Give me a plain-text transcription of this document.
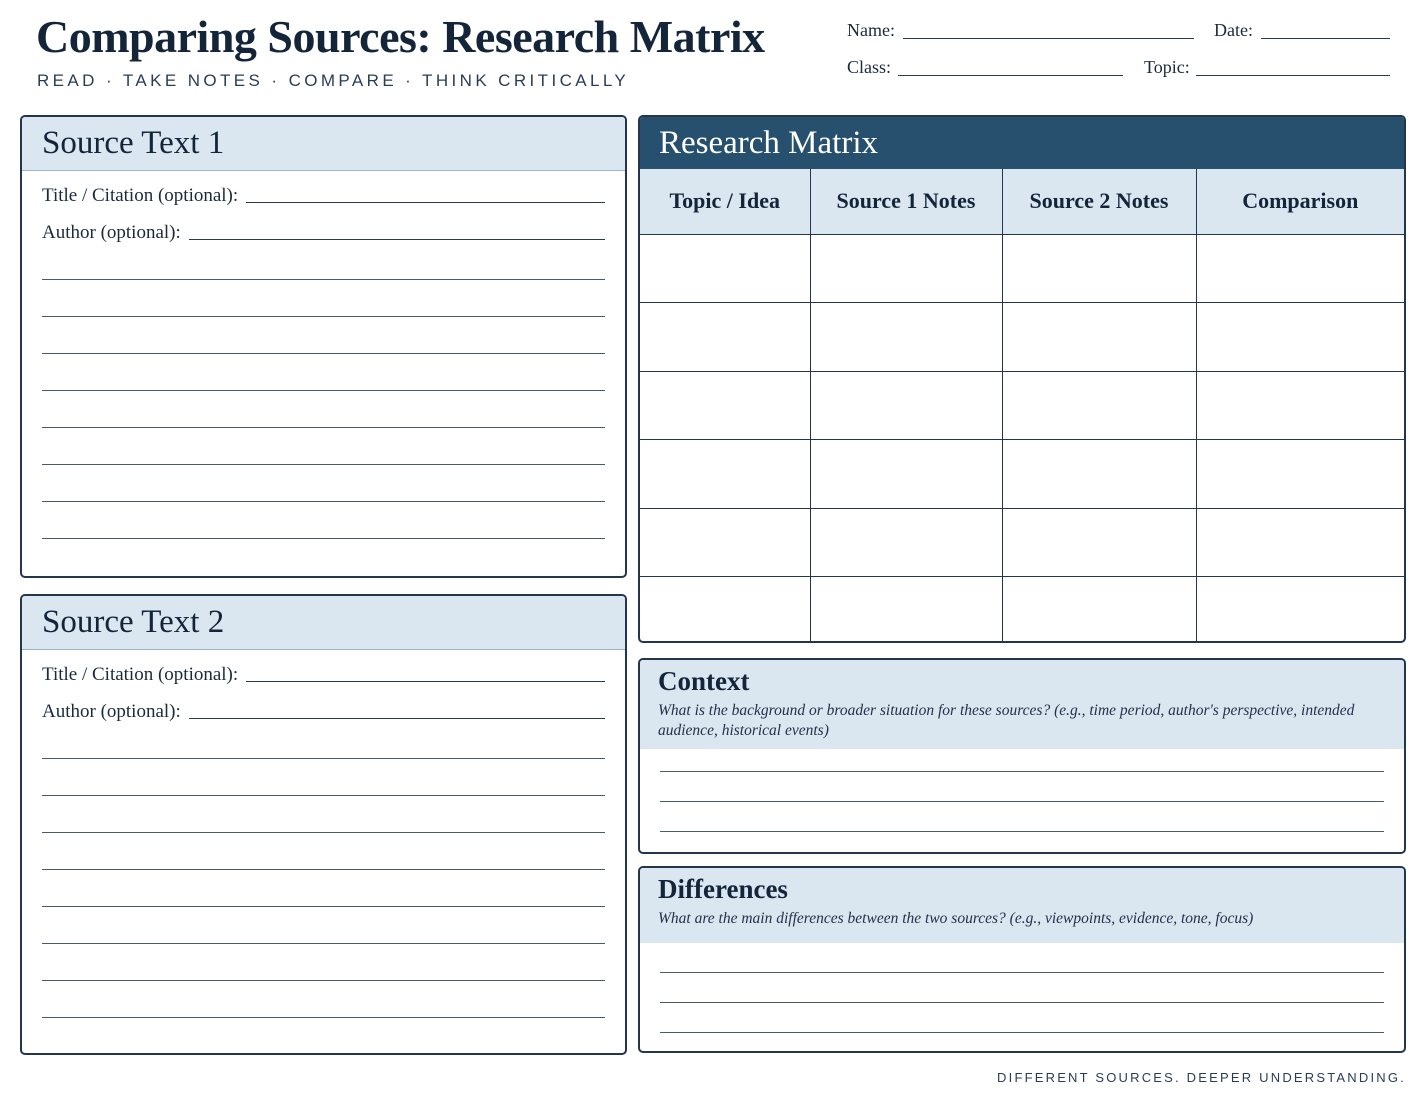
Comparing Sources: Research Matrix
READ · TAKE NOTES · COMPARE · THINK CRITICALLY
Name:	Date:
Class:	Topic:
Source Text 1
Title / Citation (optional):
Author (optional):
Source Text 2
Title / Citation (optional):
Author (optional):
Research Matrix
Topic / Idea	Source 1 Notes	Source 2 Notes	Comparison

Context
What is the background or broader situation for these sources? (e.g., time period, author's perspective, intended audience, historical events)
Differences
What are the main differences between the two sources? (e.g., viewpoints, evidence, tone, focus)
DIFFERENT SOURCES. DEEPER UNDERSTANDING.
